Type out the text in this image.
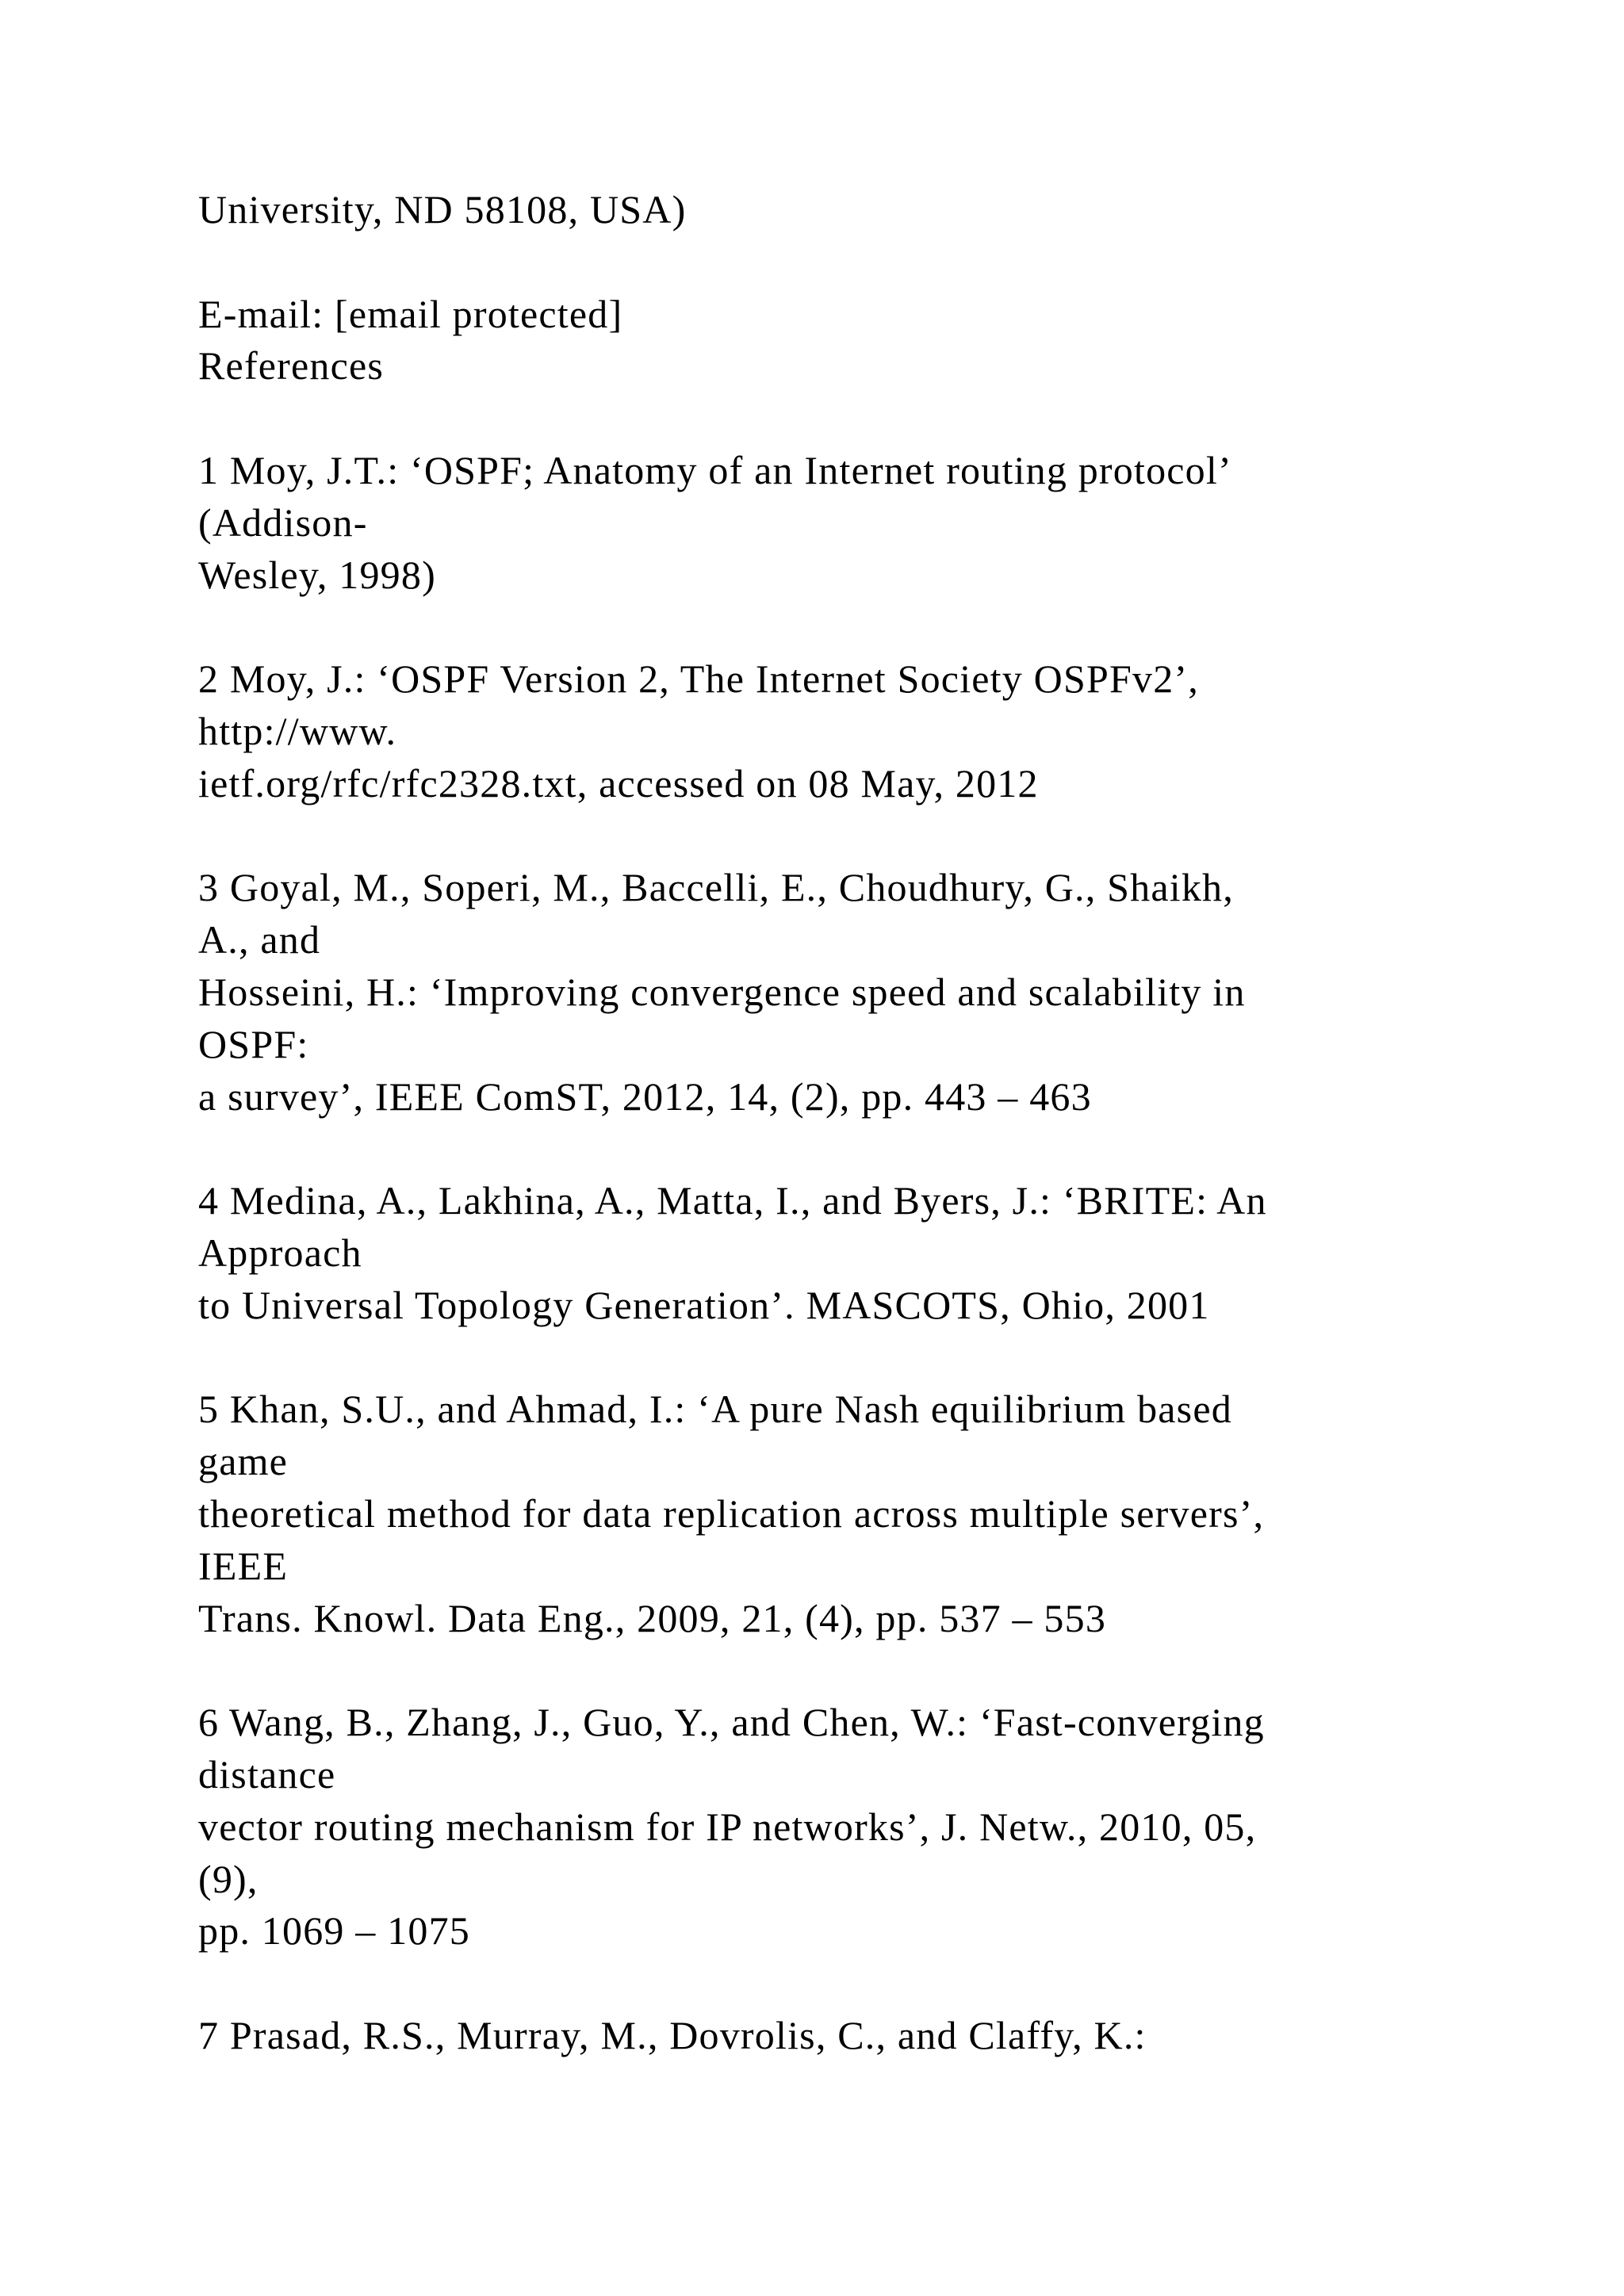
University, ND 58108, USA)
E-mail: [email protected]
References
1 Moy, J.T.: ‘OSPF; Anatomy of an Internet routing protocol’
(Addison-
Wesley, 1998)
2 Moy, J.: ‘OSPF Version 2, The Internet Society OSPFv2’,
http://www.
ietf.org/rfc/rfc2328.txt, accessed on 08 May, 2012
3 Goyal, M., Soperi, M., Baccelli, E., Choudhury, G., Shaikh,
A., and
Hosseini, H.: ‘Improving convergence speed and scalability in
OSPF:
a survey’, IEEE ComST, 2012, 14, (2), pp. 443 – 463
4 Medina, A., Lakhina, A., Matta, I., and Byers, J.: ‘BRITE: An
Approach
to Universal Topology Generation’. MASCOTS, Ohio, 2001
5 Khan, S.U., and Ahmad, I.: ‘A pure Nash equilibrium based
game
theoretical method for data replication across multiple servers’,
IEEE
Trans. Knowl. Data Eng., 2009, 21, (4), pp. 537 – 553
6 Wang, B., Zhang, J., Guo, Y., and Chen, W.: ‘Fast-converging
distance
vector routing mechanism for IP networks’, J. Netw., 2010, 05,
(9),
pp. 1069 – 1075
7 Prasad, R.S., Murray, M., Dovrolis, C., and Claffy, K.:
